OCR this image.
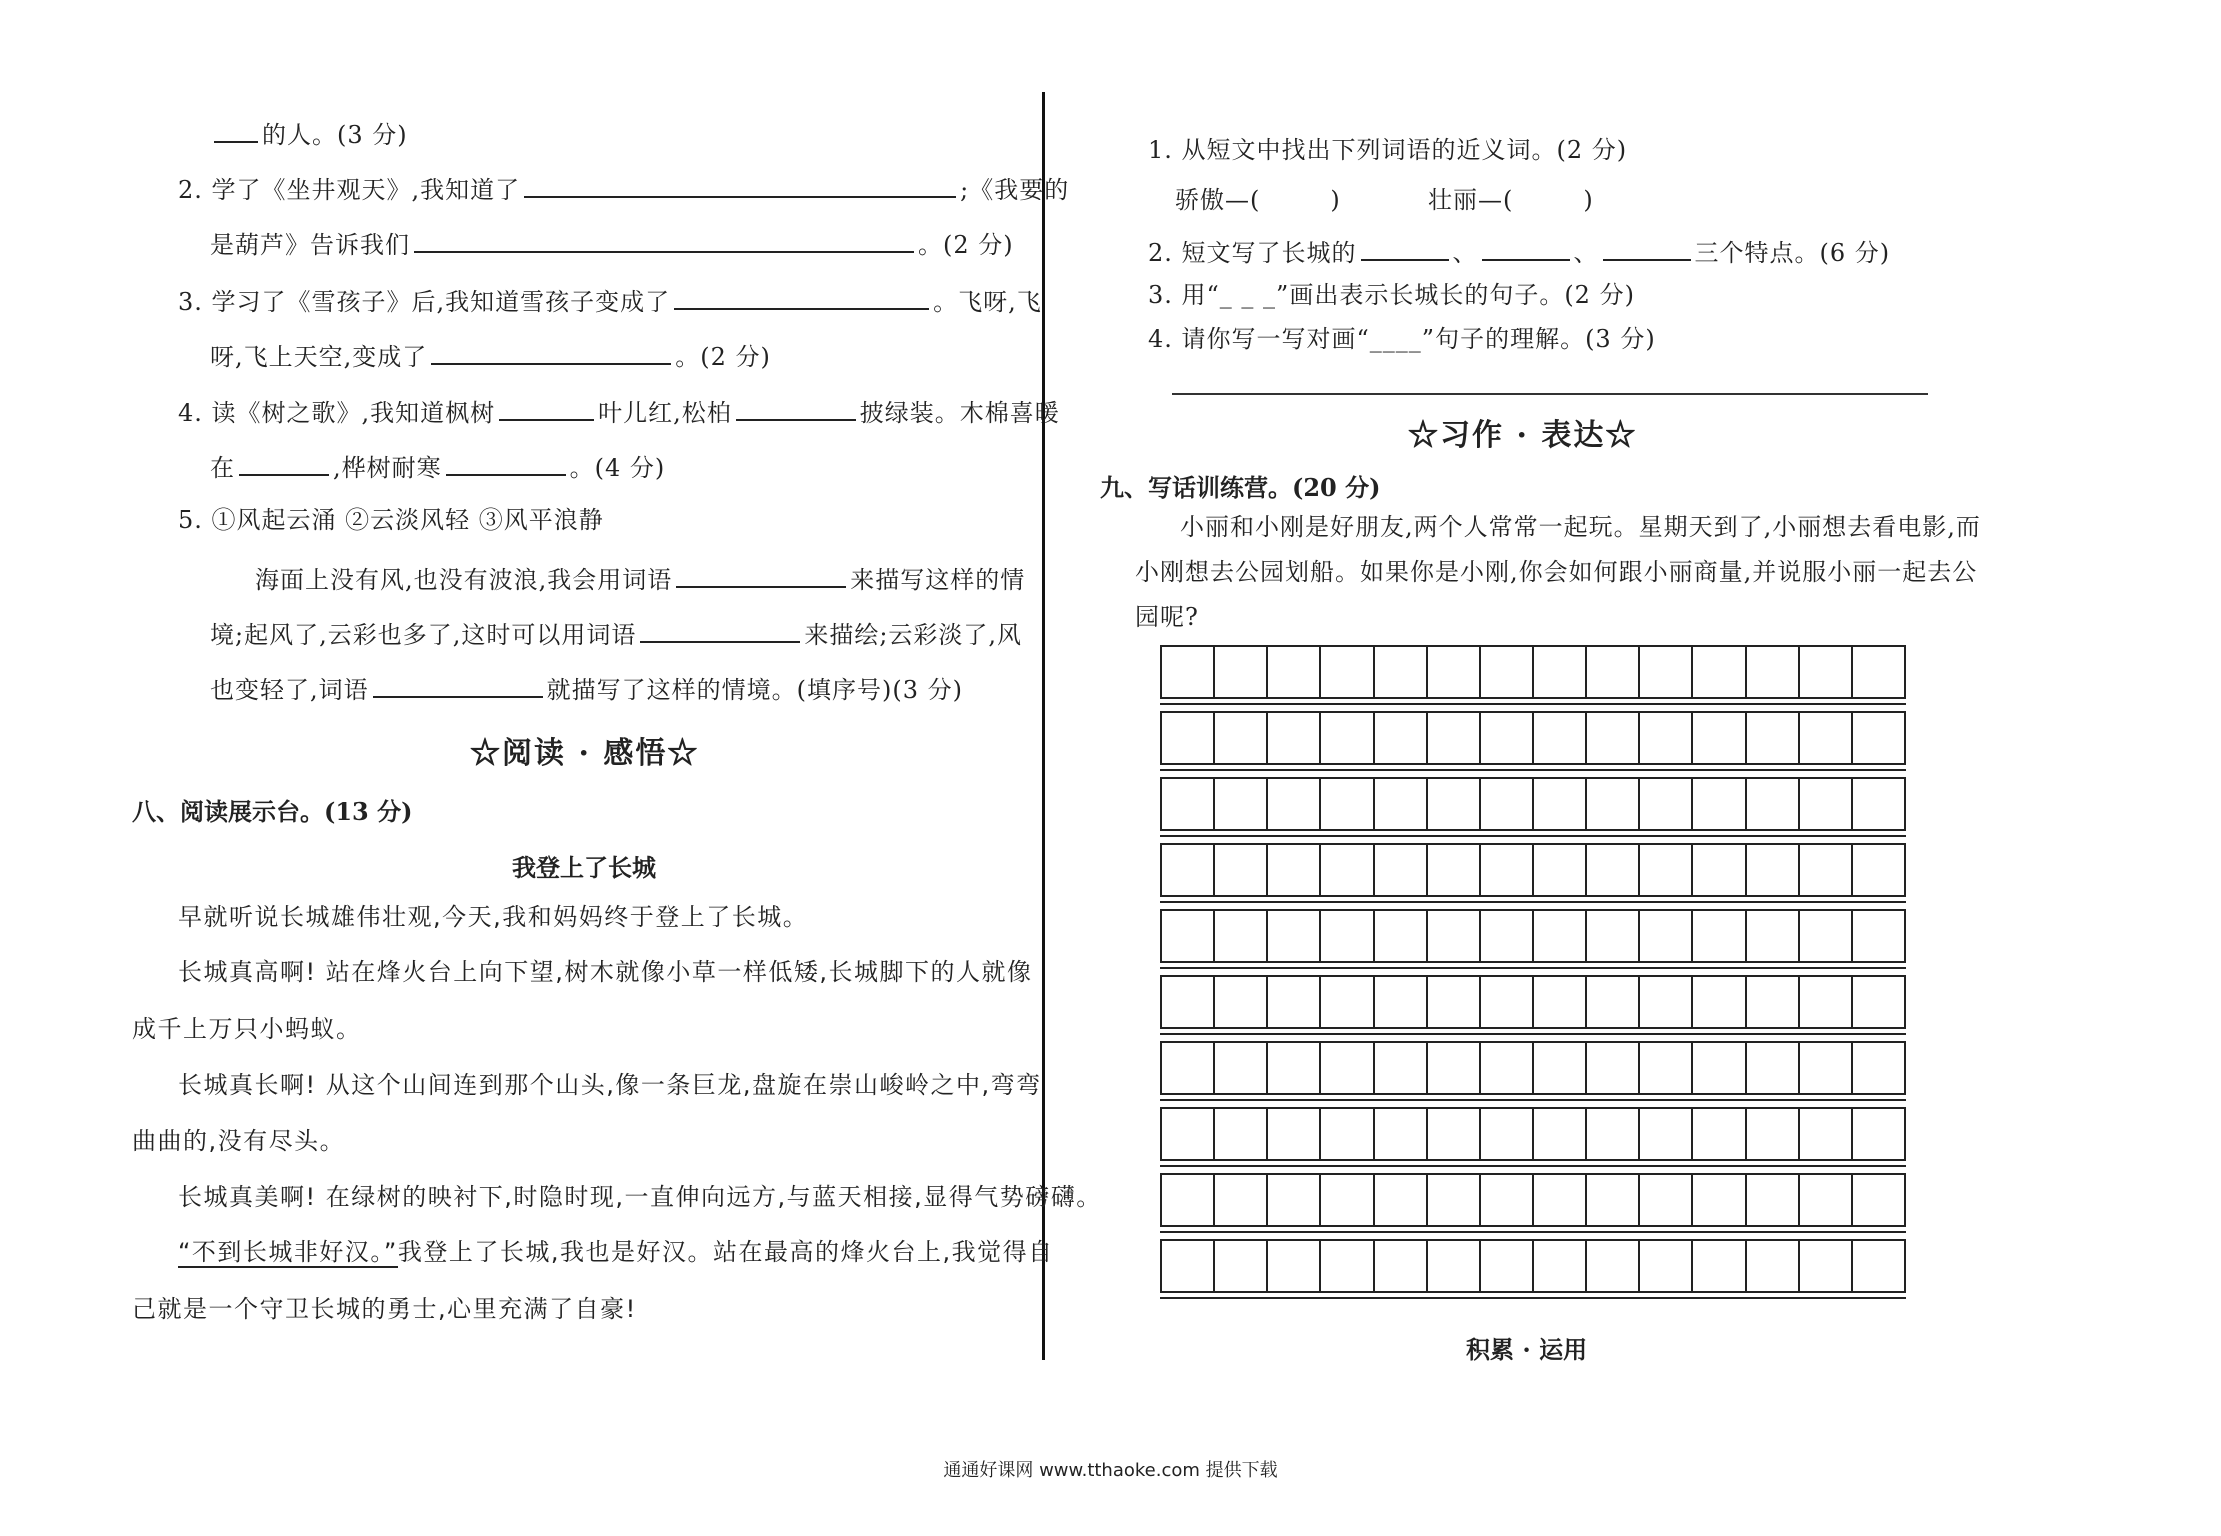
的人。(3 分)
2. 学了《坐井观天》,我知道了	;《我要的
是葫芦》告诉我们	。(2 分)
3. 学习了《雪孩子》后,我知道雪孩子变成了	。飞呀,飞
呀,飞上天空,变成了	。(2 分)
4. 读《树之歌》,我知道枫树	叶儿红,松柏	披绿装。木棉喜暖
在	,桦树耐寒	。(4 分)
5. ①风起云涌 ②云淡风轻 ③风平浪静
海面上没有风,也没有波浪,我会用词语	来描写这样的情
境;起风了,云彩也多了,这时可以用词语	来描绘;云彩淡了,风
也变轻了,词语	就描写了这样的情境。(填序号)(3 分)
☆阅读 · 感悟☆
八、阅读展示台。(13 分)
我登上了长城
早就听说长城雄伟壮观,今天,我和妈妈终于登上了长城。
长城真高啊! 站在烽火台上向下望,树木就像小草一样低矮,长城脚下的人就像
成千上万只小蚂蚁。
长城真长啊! 从这个山间连到那个山头,像一条巨龙,盘旋在崇山峻岭之中,弯弯
曲曲的,没有尽头。
长城真美啊! 在绿树的映衬下,时隐时现,一直伸向远方,与蓝天相接,显得气势磅礴。
“不到长城非好汉。”我登上了长城,我也是好汉。站在最高的烽火台上,我觉得自
己就是一个守卫长城的勇士,心里充满了自豪!
1. 从短文中找出下列词语的近义词。(2 分)
骄傲—(	)	壮丽—(	)
2. 短文写了长城的	、	、	三个特点。(6 分)
3. 用“_ _ _”画出表示长城长的句子。(2 分)
4. 请你写一写对画“____”句子的理解。(3 分)
☆习作 · 表达☆
九、写话训练营。(20 分)
小丽和小刚是好朋友,两个人常常一起玩。星期天到了,小丽想去看电影,而
小刚想去公园划船。如果你是小刚,你会如何跟小丽商量,并说服小丽一起去公
园呢?
积累 · 运用
通通好课网 www.tthaoke.com 提供下载
